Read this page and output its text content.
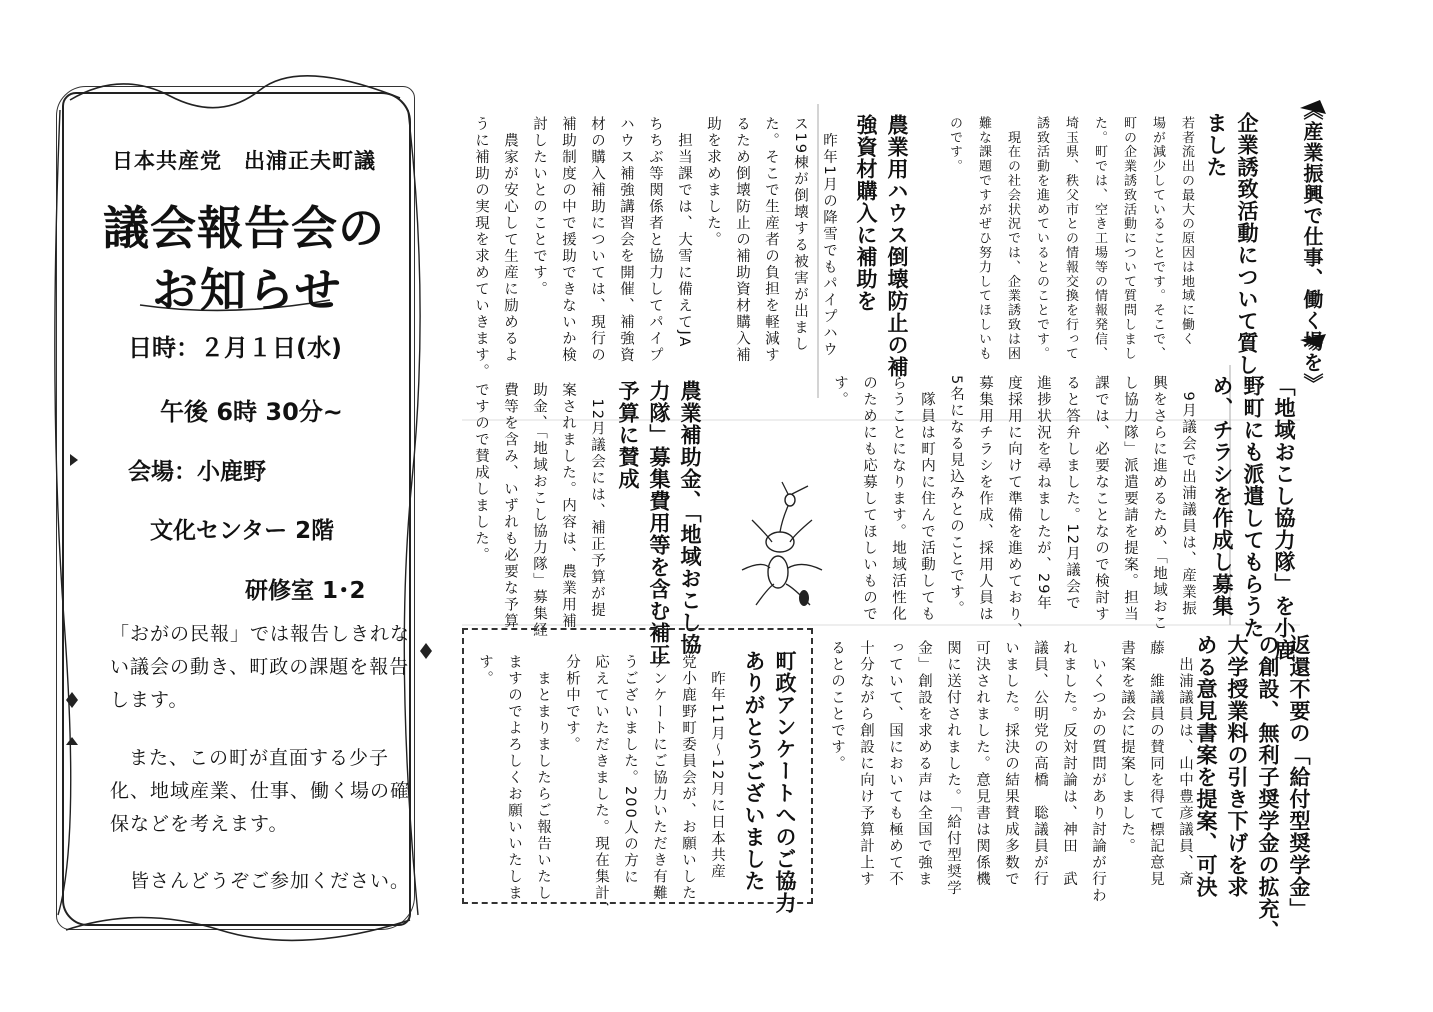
日本共産党　出浦正夫町議
議会報告会の
お知らせ
日時：２月１日(水)
午後 6時 30分~
会場：小鹿野
文化センター 2階
研修室 1･2
「おがの民報」では報告しきれない議会の動き、町政の課題を報告します。
また、この町が直面する少子化、地域産業、仕事、働く場の確保などを考えます。
皆さんどうぞご参加ください。
《産業振興で仕事、働く場を》
企業誘致活動について質し
ました
若者流出の最大の原因は地域に働く
場が減少していることです。そこで、
町の企業誘致活動について質問しまし
た。町では、空き工場等の情報発信、
埼玉県、秩父市との情報交換を行って
誘致活動を進めているとのことです。
　現在の社会状況では、企業誘致は困
難な課題ですがぜひ努力してほしいも
のです。
農業用ハウス倒壊防止の補
強資材購入に補助を
　昨年1月の降雪でもパイプハウ
ス19棟が倒壊する被害が出まし
た。そこで生産者の負担を軽減す
るため倒壊防止の補助資材購入補
助を求めました。
　担当課では、大雪に備えてJA
ちちぶ等関係者と協力してパイプ
ハウス補強講習会を開催、補強資
材の購入補助については、現行の
補助制度の中で援助できないか検
討したいとのことです。
　農家が安心して生産に励めるよ
うに補助の実現を求めていきます。
「地域おこし協力隊」を小鹿
野町にも派遣してもらうた
め、チラシを作成し募集
　9月議会で出浦議員は、産業振
興をさらに進めるため、「地域おこ
し協力隊」派遣要請を提案。担当
課では、必要なことなので検討す
ると答弁しました。12月議会で
進捗状況を尋ねましたが、29年
度採用に向けて準備を進めており、
募集用チラシを作成、採用人員は
5名になる見込みとのことです。
　隊員は町内に住んで活動しても
らうことになります。地域活性化
のためにも応募してほしいもので
す。
農業補助金、「地域おこし協
力隊」募集費用等を含む補正
予算に賛成
　12月議会には、補正予算が提
案されました。内容は、農業用補
助金、「地域おこし協力隊」募集経
費等を含み、いずれも必要な予算
ですので賛成しました。
返還不要の「給付型奨学金」
の創設、無利子奨学金の拡充、
大学授業料の引き下げを求
める意見書案を提案、可決
　出浦議員は、山中豊彦議員、斎
藤　維議員の賛同を得て標記意見
書案を議会に提案しました。
　いくつかの質問があり討論が行わ
れました。反対討論は、神田　武
議員、公明党の高橋　聡議員が行
いました。採決の結果賛成多数で
可決されました。意見書は関係機
関に送付されました。「給付型奨学
金」創設を求める声は全国で強ま
っていて、国においても極めて不
十分ながら創設に向け予算計上す
るとのことです。
町政アンケートへのご協力
ありがとうございました
　昨年11月～12月に日本共産
党小鹿野町委員会が、お願いした
アンケートにご協力いただき有難
うございました。200人の方に
応えていただきました。現在集計、
分析中です。
　まとまりましたらご報告いたし
ますのでよろしくお願いいたしま
す。
